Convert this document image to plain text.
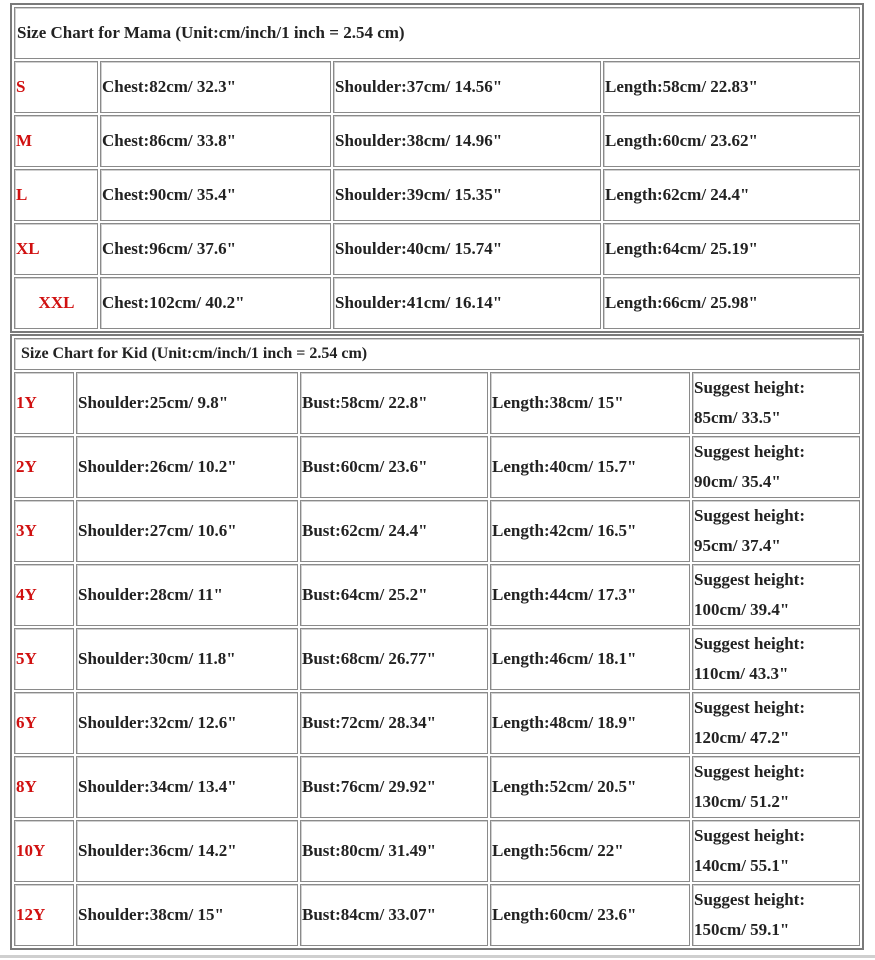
Size Chart for Mama (Unit:cm/inch/1 inch = 2.54 cm)			
S	Chest:82cm/ 32.3"	Shoulder:37cm/ 14.56"	Length:58cm/ 22.83"
M	Chest:86cm/ 33.8"	Shoulder:38cm/ 14.96"	Length:60cm/ 23.62"
L	Chest:90cm/ 35.4"	Shoulder:39cm/ 15.35"	Length:62cm/ 24.4"
XL	Chest:96cm/ 37.6"	Shoulder:40cm/ 15.74"	Length:64cm/ 25.19"
XXL	Chest:102cm/ 40.2"	Shoulder:41cm/ 16.14"	Length:66cm/ 25.98"
Size Chart for Kid (Unit:cm/inch/1 inch = 2.54 cm)				
1Y	Shoulder:25cm/ 9.8"	Bust:58cm/ 22.8"	Length:38cm/ 15"	Suggest height:
85cm/ 33.5"
2Y	Shoulder:26cm/ 10.2"	Bust:60cm/ 23.6"	Length:40cm/ 15.7"	Suggest height:
90cm/ 35.4"
3Y	Shoulder:27cm/ 10.6"	Bust:62cm/ 24.4"	Length:42cm/ 16.5"	Suggest height:
95cm/ 37.4"
4Y	Shoulder:28cm/ 11"	Bust:64cm/ 25.2"	Length:44cm/ 17.3"	Suggest height:
100cm/ 39.4"
5Y	Shoulder:30cm/ 11.8"	Bust:68cm/ 26.77"	Length:46cm/ 18.1"	Suggest height:
110cm/ 43.3"
6Y	Shoulder:32cm/ 12.6"	Bust:72cm/ 28.34"	Length:48cm/ 18.9"	Suggest height:
120cm/ 47.2"
8Y	Shoulder:34cm/ 13.4"	Bust:76cm/ 29.92"	Length:52cm/ 20.5"	Suggest height:
130cm/ 51.2"
10Y	Shoulder:36cm/ 14.2"	Bust:80cm/ 31.49"	Length:56cm/ 22"	Suggest height:
140cm/ 55.1"
12Y	Shoulder:38cm/ 15"	Bust:84cm/ 33.07"	Length:60cm/ 23.6"	Suggest height:
150cm/ 59.1"
